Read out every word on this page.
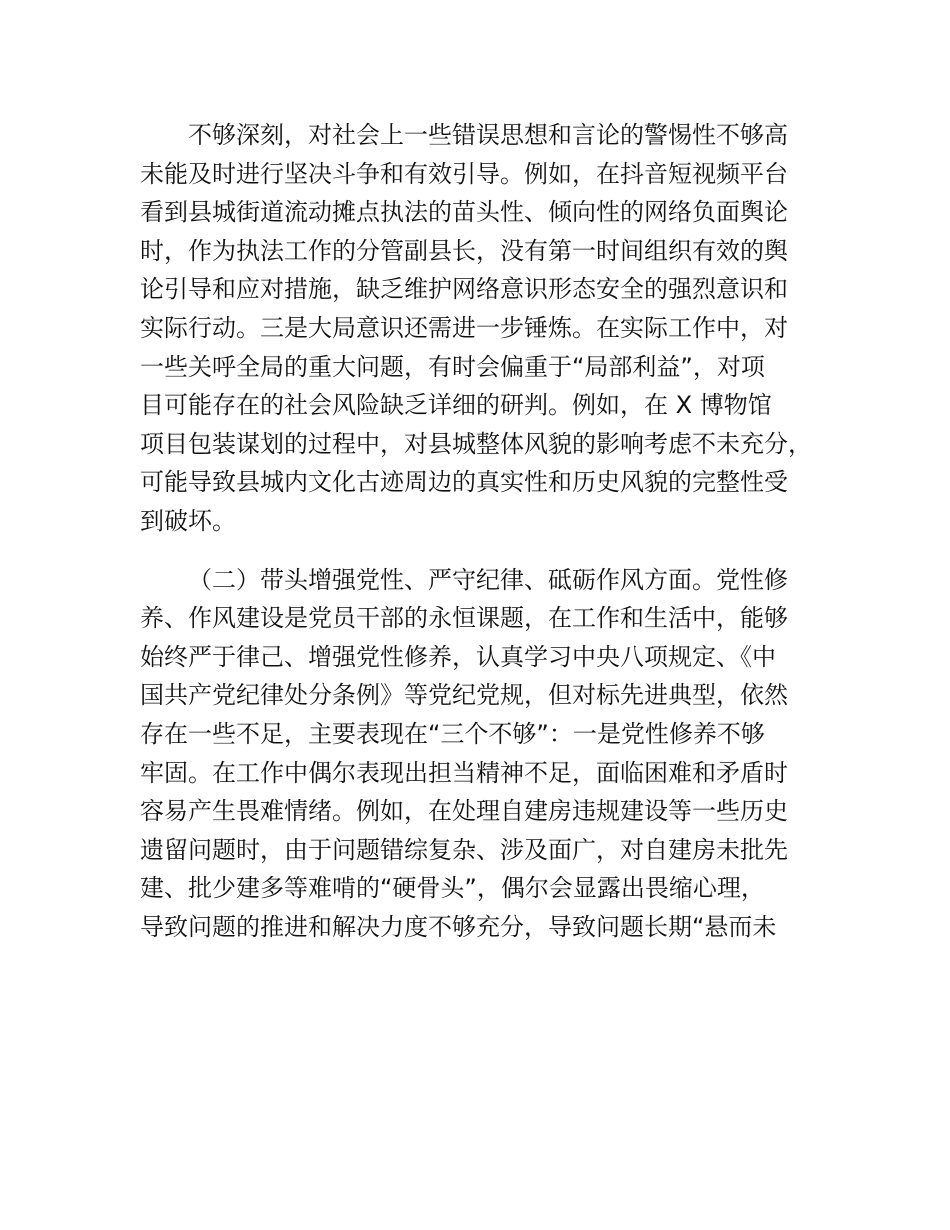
不够深刻，对社会上一些错误思想和言论的警惕性不够高
未能及时进行坚决斗争和有效引导。例如，在抖音短视频平台
看到县城街道流动摊点执法的苗头性、倾向性的网络负面舆论
时，作为执法工作的分管副县长，没有第一时间组织有效的舆
论引导和应对措施，缺乏维护网络意识形态安全的强烈意识和
实际行动。三是大局意识还需进一步锤炼。在实际工作中，对
一些关呼全局的重大问题，有时会偏重于“局部利益”，对项
目可能存在的社会风险缺乏详细的研判。例如，在 X 博物馆
项目包装谋划的过程中，对县城整体风貌的影响考虑不未充分，
可能导致县城内文化古迹周边的真实性和历史风貌的完整性受
到破坏。
（二）带头增强党性、严守纪律、砥砺作风方面。党性修
养、作风建设是党员干部的永恒课题，在工作和生活中，能够
始终严于律己、增强党性修养，认真学习中央八项规定、《中
国共产党纪律处分条例》等党纪党规，但对标先进典型，依然
存在一些不足，主要表现在“三个不够”：一是党性修养不够
牢固。在工作中偶尔表现出担当精神不足，面临困难和矛盾时
容易产生畏难情绪。例如，在处理自建房违规建设等一些历史
遗留问题时，由于问题错综复杂、涉及面广，对自建房未批先
建、批少建多等难啃的“硬骨头”，偶尔会显露出畏缩心理，
导致问题的推进和解决力度不够充分，导致问题长期“悬而未
